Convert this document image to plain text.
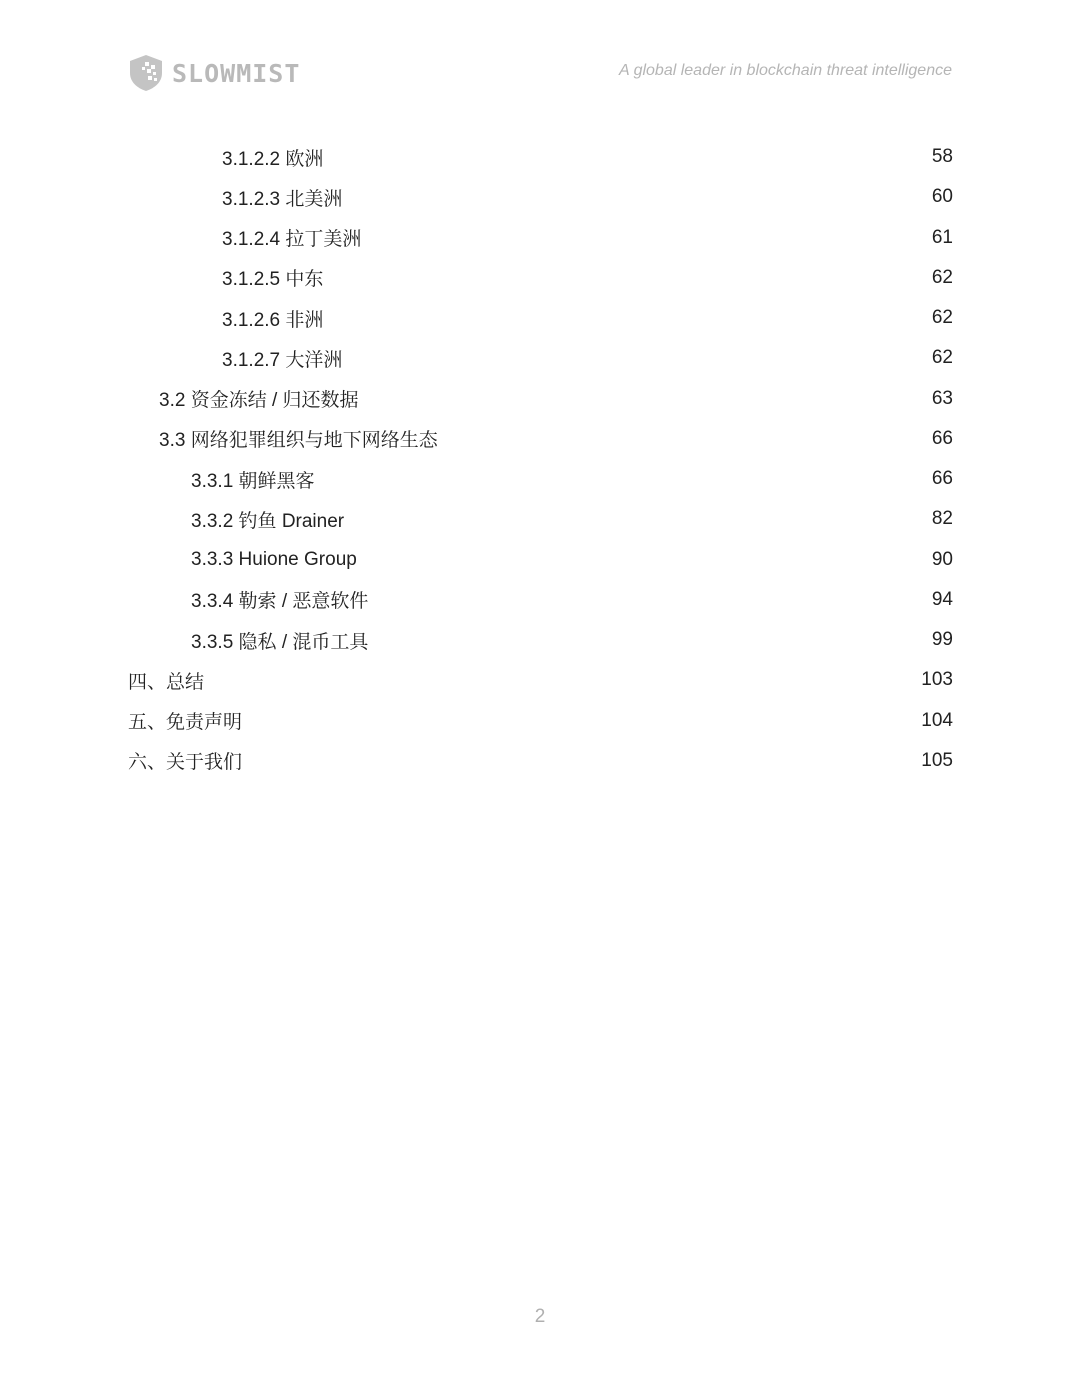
SLOWMIST	A global leader in blockchain threat intelligence
3.1.2.2 欧洲	58
3.1.2.3 北美洲	60
3.1.2.4 拉丁美洲	61
3.1.2.5 中东	62
3.1.2.6 非洲	62
3.1.2.7 大洋洲	62
3.2 资金冻结 / 归还数据	63
3.3 网络犯罪组织与地下网络生态	66
3.3.1 朝鲜黑客	66
3.3.2 钓鱼 Drainer	82
3.3.3 Huione Group	90
3.3.4 勒索 / 恶意软件	94
3.3.5 隐私 / 混币工具	99
四、总结	103
五、免责声明	104
六、关于我们	105
2
